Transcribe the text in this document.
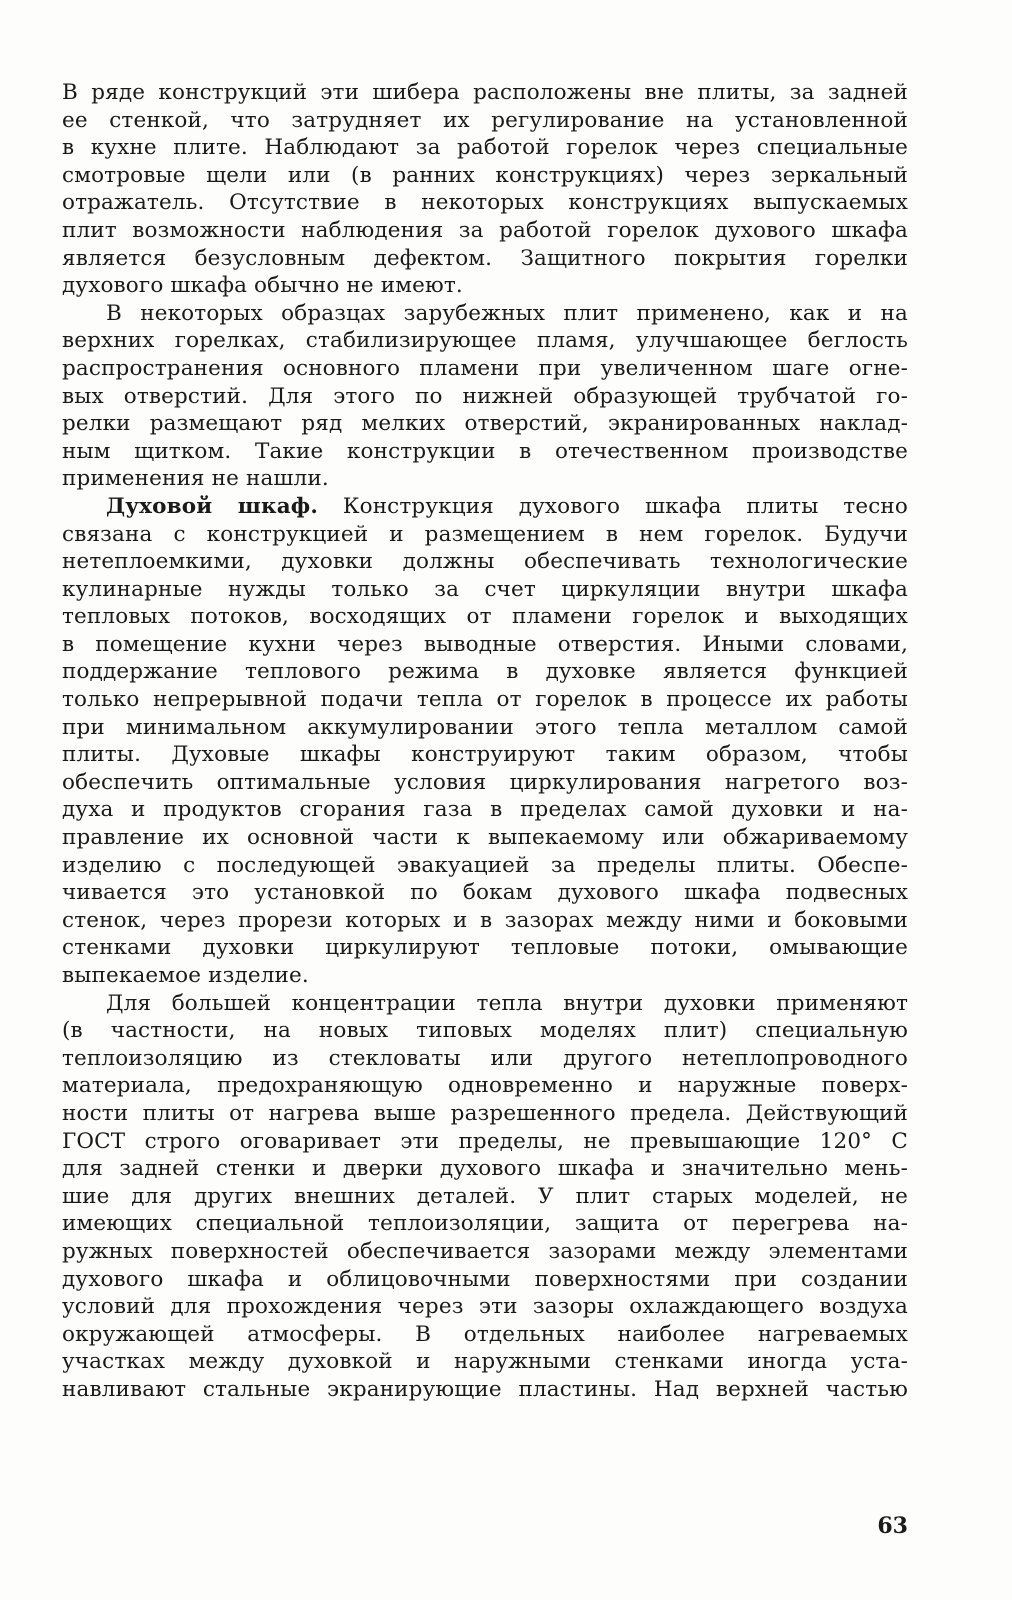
В ряде конструкций эти шибера расположены вне плиты, за задней
ее стенкой, что затрудняет их регулирование на установленной
в кухне плите. Наблюдают за работой горелок через специальные
смотровые щели или (в ранних конструкциях) через зеркальный
отражатель. Отсутствие в некоторых конструкциях выпускаемых
плит возможности наблюдения за работой горелок духового шкафа
является безусловным дефектом. Защитного покрытия горелки
духового шкафа обычно не имеют.
В некоторых образцах зарубежных плит применено, как и на
верхних горелках, стабилизирующее пламя, улучшающее беглость
распространения основного пламени при увеличенном шаге огне-
вых отверстий. Для этого по нижней образующей трубчатой го-
релки размещают ряд мелких отверстий, экранированных наклад-
ным щитком. Такие конструкции в отечественном производстве
применения не нашли.
Духовой шкаф. Конструкция духового шкафа плиты тесно
связана с конструкцией и размещением в нем горелок. Будучи
нетеплоемкими, духовки должны обеспечивать технологические
кулинарные нужды только за счет циркуляции внутри шкафа
тепловых потоков, восходящих от пламени горелок и выходящих
в помещение кухни через выводные отверстия. Иными словами,
поддержание теплового режима в духовке является функцией
только непрерывной подачи тепла от горелок в процессе их работы
при минимальном аккумулировании этого тепла металлом самой
плиты. Духовые шкафы конструируют таким образом, чтобы
обеспечить оптимальные условия циркулирования нагретого воз-
духа и продуктов сгорания газа в пределах самой духовки и на-
правление их основной части к выпекаемому или обжариваемому
изделию с последующей эвакуацией за пределы плиты. Обеспе-
чивается это установкой по бокам духового шкафа подвесных
стенок, через прорези которых и в зазорах между ними и боковыми
стенками духовки циркулируют тепловые потоки, омывающие
выпекаемое изделие.
Для большей концентрации тепла внутри духовки применяют
(в частности, на новых типовых моделях плит) специальную
теплоизоляцию из стекловаты или другого нетеплопроводного
материала, предохраняющую одновременно и наружные поверх-
ности плиты от нагрева выше разрешенного предела. Действующий
ГОСТ строго оговаривает эти пределы, не превышающие 120° С
для задней стенки и дверки духового шкафа и значительно мень-
шие для других внешних деталей. У плит старых моделей, не
имеющих специальной теплоизоляции, защита от перегрева на-
ружных поверхностей обеспечивается зазорами между элементами
духового шкафа и облицовочными поверхностями при создании
условий для прохождения через эти зазоры охлаждающего воздуха
окружающей атмосферы. В отдельных наиболее нагреваемых
участках между духовкой и наружными стенками иногда уста-
навливают стальные экранирующие пластины. Над верхней частью
63
